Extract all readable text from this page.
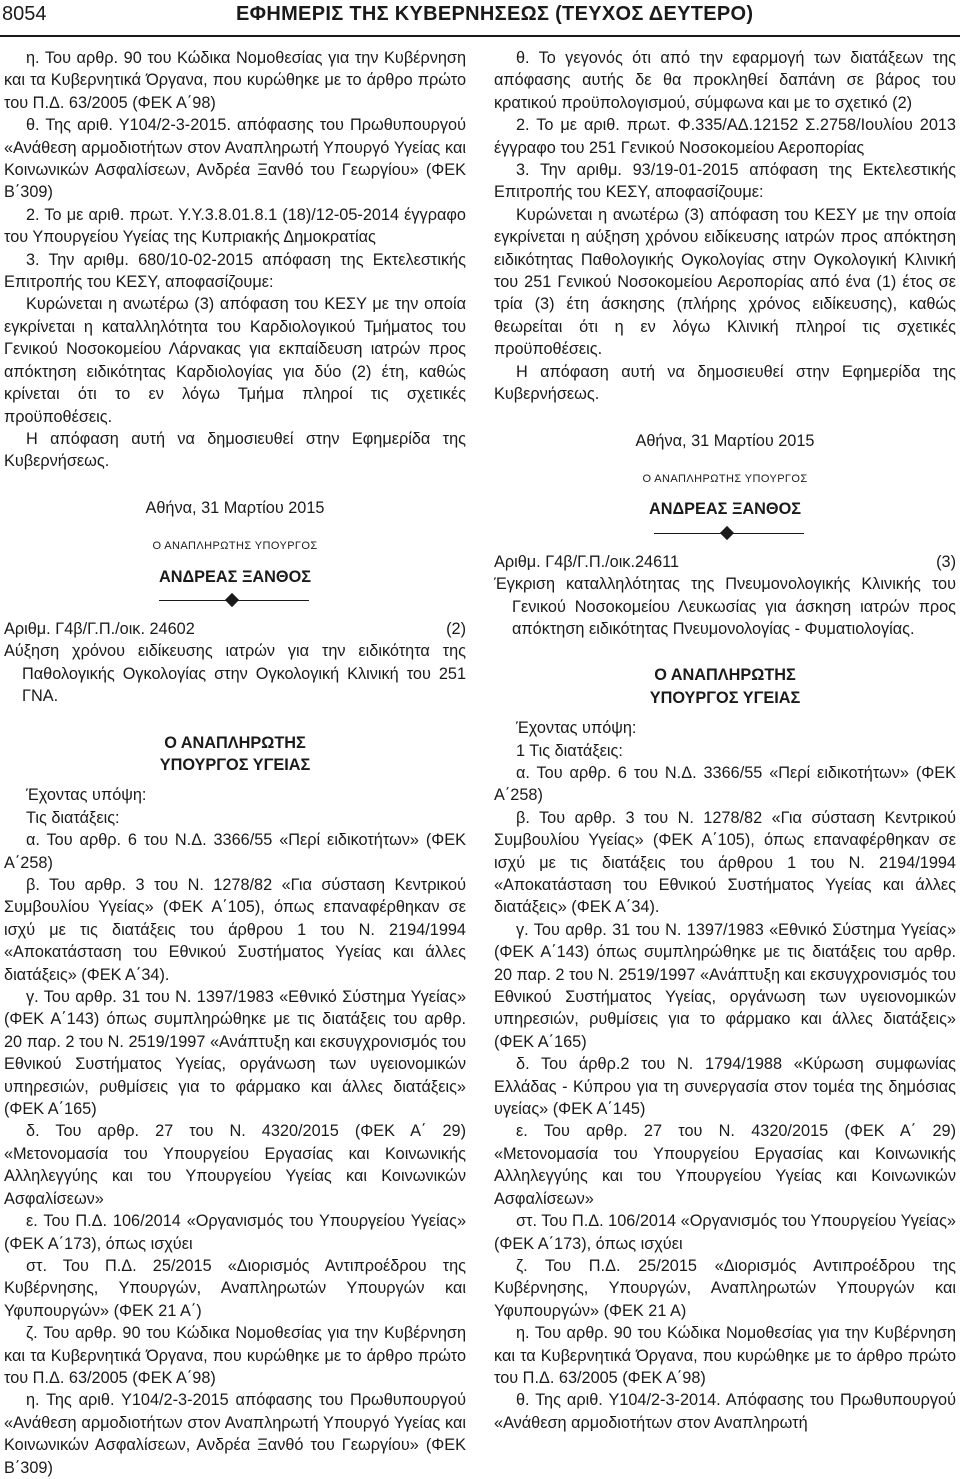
8054	ΕΦΗΜΕΡΙΣ ΤΗΣ ΚΥΒΕΡΝΗΣΕΩΣ (ΤΕΥΧΟΣ ΔΕΥΤΕΡΟ)

η. Του αρθρ. 90 του Κώδικα Νομοθεσίας για την Κυβέρνηση και τα Κυβερνητικά Όργανα, που κυρώθηκε με το άρθρο πρώτο του Π.Δ. 63/2005 (ΦΕΚ Α΄98)

θ. Της αριθ. Υ104/2-3-2015. απόφασης του Πρωθυπουργού «Ανάθεση αρμοδιοτήτων στον Αναπληρωτή Υπουργό Υγείας και Κοινωνικών Ασφαλίσεων, Ανδρέα Ξανθό του Γεωργίου» (ΦΕΚ Β΄309)

2. Το με αριθ. πρωτ. Υ.Υ.3.8.01.8.1 (18)/12-05-2014 έγγραφο του Υπουργείου Υγείας της Κυπριακής Δημοκρατίας

3. Την αριθμ. 680/10-02-2015 απόφαση της Εκτελεστικής Επιτροπής του ΚΕΣΥ, αποφασίζουμε:

Κυρώνεται η ανωτέρω (3) απόφαση του ΚΕΣΥ με την οποία εγκρίνεται η καταλληλότητα του Καρδιολογικού Τμήματος του Γενικού Νοσοκομείου Λάρνακας για εκπαίδευση ιατρών προς απόκτηση ειδικότητας Καρδιολογίας για δύο (2) έτη, καθώς κρίνεται ότι το εν λόγω Τμήμα πληροί τις σχετικές προϋποθέσεις.

Η απόφαση αυτή να δημοσιευθεί στην Εφημερίδα της Κυβερνήσεως.

Αθήνα, 31 Μαρτίου 2015

Ο ΑΝΑΠΛΗΡΩΤΗΣ ΥΠΟΥΡΓΟΣ

ΑΝΔΡΕΑΣ ΞΑΝΘΟΣ

Αριθμ. Γ4β/Γ.Π./οικ. 24602	(2)

Αύξηση χρόνου ειδίκευσης ιατρών για την ειδικότητα της Παθολογικής Ογκολογίας στην Ογκολογική Κλινική του 251 ΓΝΑ.

Ο ΑΝΑΠΛΗΡΩΤΗΣ

ΥΠΟΥΡΓΟΣ ΥΓΕΙΑΣ

Έχοντας υπόψη:

Τις διατάξεις:

α. Του αρθρ. 6 του Ν.Δ. 3366/55 «Περί ειδικοτήτων» (ΦΕΚ Α΄258)

β. Του αρθρ. 3 του Ν. 1278/82 «Για σύσταση Κεντρικού Συμβουλίου Υγείας» (ΦΕΚ Α΄105), όπως επαναφέρθηκαν σε ισχύ με τις διατάξεις του άρθρου 1 του Ν. 2194/1994 «Αποκατάσταση του Εθνικού Συστήματος Υγείας και άλλες διατάξεις» (ΦΕΚ Α΄34).

γ. Του αρθρ. 31 του Ν. 1397/1983 «Εθνικό Σύστημα Υγείας» (ΦΕΚ Α΄143) όπως συμπληρώθηκε με τις διατάξεις του αρθρ. 20 παρ. 2 του Ν. 2519/1997 «Ανάπτυξη και εκσυγχρονισμός του Εθνικού Συστήματος Υγείας, οργάνωση των υγειονομικών υπηρεσιών, ρυθμίσεις για το φάρμακο και άλλες διατάξεις» (ΦΕΚ Α΄165)

δ. Του αρθρ. 27 του Ν. 4320/2015 (ΦΕΚ Α΄ 29) «Μετονομασία του Υπουργείου Εργασίας και Κοινωνικής Αλληλεγγύης και του Υπουργείου Υγείας και Κοινωνικών Ασφαλίσεων»

ε. Του Π.Δ. 106/2014 «Οργανισμός του Υπουργείου Υγείας» (ΦΕΚ Α΄173), όπως ισχύει

στ. Του Π.Δ. 25/2015 «Διορισμός Αντιπροέδρου της Κυβέρνησης, Υπουργών, Αναπληρωτών Υπουργών και Υφυπουργών» (ΦΕΚ 21 Α΄)

ζ. Του αρθρ. 90 του Κώδικα Νομοθεσίας για την Κυβέρνηση και τα Κυβερνητικά Όργανα, που κυρώθηκε με το άρθρο πρώτο του Π.Δ. 63/2005 (ΦΕΚ Α΄98)

η. Της αριθ. Υ104/2-3-2015 απόφασης του Πρωθυπουργού «Ανάθεση αρμοδιοτήτων στον Αναπληρωτή Υπουργό Υγείας και Κοινωνικών Ασφαλίσεων, Ανδρέα Ξανθό του Γεωργίου» (ΦΕΚ Β΄309)

θ. Το γεγονός ότι από την εφαρμογή των διατάξεων της απόφασης αυτής δε θα προκληθεί δαπάνη σε βάρος του κρατικού προϋπολογισμού, σύμφωνα και με το σχετικό (2)

2. Το με αριθ. πρωτ. Φ.335/ΑΔ.12152 Σ.2758/Ιουλίου 2013 έγγραφο του 251 Γενικού Νοσοκομείου Αεροπορίας

3. Την αριθμ. 93/19-01-2015 απόφαση της Εκτελεστικής Επιτροπής του ΚΕΣΥ, αποφασίζουμε:

Κυρώνεται η ανωτέρω (3) απόφαση του ΚΕΣΥ με την οποία εγκρίνεται η αύξηση χρόνου ειδίκευσης ιατρών προς απόκτηση ειδικότητας Παθολογικής Ογκολογίας στην Ογκολογική Κλινική του 251 Γενικού Νοσοκομείου Αεροπορίας από ένα (1) έτος σε τρία (3) έτη άσκησης (πλήρης χρόνος ειδίκευσης), καθώς θεωρείται ότι η εν λόγω Κλινική πληροί τις σχετικές προϋποθέσεις.

Η απόφαση αυτή να δημοσιευθεί στην Εφημερίδα της Κυβερνήσεως.

Αθήνα, 31 Μαρτίου 2015

Ο ΑΝΑΠΛΗΡΩΤΗΣ ΥΠΟΥΡΓΟΣ

ΑΝΔΡΕΑΣ ΞΑΝΘΟΣ

Αριθμ. Γ4β/Γ.Π./οικ.24611	(3)

Έγκριση καταλληλότητας της Πνευμονολογικής Κλινικής του Γενικού Νοσοκομείου Λευκωσίας για άσκηση ιατρών προς απόκτηση ειδικότητας Πνευμονολογίας - Φυματιολογίας.

Ο ΑΝΑΠΛΗΡΩΤΗΣ

ΥΠΟΥΡΓΟΣ ΥΓΕΙΑΣ

Έχοντας υπόψη:

1 Τις διατάξεις:

α. Του αρθρ. 6 του Ν.Δ. 3366/55 «Περί ειδικοτήτων» (ΦΕΚ Α΄258)

β. Του αρθρ. 3 του Ν. 1278/82 «Για σύσταση Κεντρικού Συμβουλίου Υγείας» (ΦΕΚ Α΄105), όπως επαναφέρθηκαν σε ισχύ με τις διατάξεις του άρθρου 1 του Ν. 2194/1994 «Αποκατάσταση του Εθνικού Συστήματος Υγείας και άλλες διατάξεις» (ΦΕΚ Α΄34).

γ. Του αρθρ. 31 του Ν. 1397/1983 «Εθνικό Σύστημα Υγείας» (ΦΕΚ Α΄143) όπως συμπληρώθηκε με τις διατάξεις του αρθρ. 20 παρ. 2 του Ν. 2519/1997 «Ανάπτυξη και εκσυγχρονισμός του Εθνικού Συστήματος Υγείας, οργάνωση των υγειονομικών υπηρεσιών, ρυθμίσεις για το φάρμακο και άλλες διατάξεις» (ΦΕΚ Α΄165)

δ. Του άρθρ.2 του Ν. 1794/1988 «Κύρωση συμφωνίας Ελλάδας - Κύπρου για τη συνεργασία στον τομέα της δημόσιας υγείας» (ΦΕΚ Α΄145)

ε. Του αρθρ. 27 του Ν. 4320/2015 (ΦΕΚ Α΄ 29) «Μετονομασία του Υπουργείου Εργασίας και Κοινωνικής Αλληλεγγύης και του Υπουργείου Υγείας και Κοινωνικών Ασφαλίσεων»

στ. Του Π.Δ. 106/2014 «Οργανισμός του Υπουργείου Υγείας» (ΦΕΚ Α΄173), όπως ισχύει

ζ. Του Π.Δ. 25/2015 «Διορισμός Αντιπροέδρου της Κυβέρνησης, Υπουργών, Αναπληρωτών Υπουργών και Υφυπουργών» (ΦΕΚ 21 Α)

η. Του αρθρ. 90 του Κώδικα Νομοθεσίας για την Κυβέρνηση και τα Κυβερνητικά Όργανα, που κυρώθηκε με το άρθρο πρώτο του Π.Δ. 63/2005 (ΦΕΚ Α΄98)

θ. Της αριθ. Υ104/2-3-2014. Απόφασης του Πρωθυπουργού «Ανάθεση αρμοδιοτήτων στον Αναπληρωτή
